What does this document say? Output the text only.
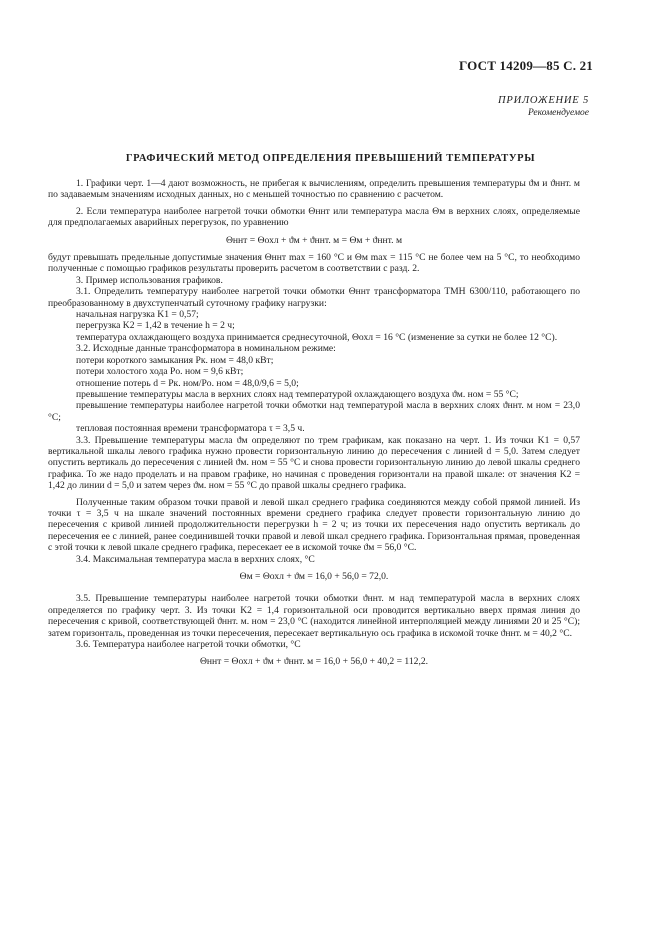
ГОСТ 14209—85 С. 21
ПРИЛОЖЕНИЕ 5
Рекомендуемое
ГРАФИЧЕСКИЙ МЕТОД ОПРЕДЕЛЕНИЯ ПРЕВЫШЕНИЙ ТЕМПЕРАТУРЫ

1. Графики черт. 1—4 дают возможность, не прибегая к вычислениям, определить превышения температуры ϑм и ϑннт. м по задаваемым значениям исходных данных, но с меньшей точностью по сравнению с расчетом.

2. Если температура наиболее нагретой точки обмотки Θннт или температура масла Θм в верхних слоях, определяемые для предполагаемых аварийных перегрузок, по уравнению

Θннт = Θохл + ϑм + ϑннт. м = Θм + ϑннт. м

будут превышать предельные допустимые значения Θннт max = 160 °С и Θм max = 115 °С не более чем на 5 °С, то необходимо полученные с помощью графиков результаты проверить расчетом в соответствии с разд. 2.

3. Пример использования графиков.

3.1. Определить температуру наиболее нагретой точки обмотки Θннт трансформатора ТМН 6300/110, работающего по преобразованному в двухступенчатый суточному графику нагрузки:

начальная нагрузка K1 = 0,57;

перегрузка K2 = 1,42 в течение h = 2 ч;

температура охлаждающего воздуха принимается среднесуточной, Θохл = 16 °С (изменение за сутки не более 12 °С).

3.2. Исходные данные трансформатора в номинальном режиме:

потери короткого замыкания Pк. ном = 48,0 кВт;

потери холостого хода Pо. ном = 9,6 кВт;

отношение потерь d = Pк. ном/Pо. ном = 48,0/9,6 = 5,0;

превышение температуры масла в верхних слоях над температурой охлаждающего воздуха ϑм. ном = 55 °С;

превышение температуры наиболее нагретой точки обмотки над температурой масла в верхних слоях ϑннт. м ном = 23,0 °С;

тепловая постоянная времени трансформатора τ = 3,5 ч.

3.3. Превышение температуры масла ϑм определяют по трем графикам, как показано на черт. 1. Из точки K1 = 0,57 вертикальной шкалы левого графика нужно провести горизонтальную линию до пересечения с линией d = 5,0. Затем следует опустить вертикаль до пересечения с линией ϑм. ном = 55 °С и снова провести горизонтальную линию до левой шкалы среднего графика. То же надо проделать и на правом графике, но начиная с проведения горизонтали на правой шкале: от значения K2 = 1,42 до линии d = 5,0 и затем через ϑм. ном = 55 °С до правой шкалы среднего графика.

Полученные таким образом точки правой и левой шкал среднего графика соединяются между собой прямой линией. Из точки τ = 3,5 ч на шкале значений постоянных времени среднего графика следует провести горизонтальную линию до пересечения с кривой линией продолжительности перегрузки h = 2 ч; из точки их пересечения надо опустить вертикаль до пересечения ее с линией, ранее соединившей точки правой и левой шкал среднего графика. Горизонтальная прямая, проведенная с этой точки к левой шкале среднего графика, пересекает ее в искомой точке ϑм = 56,0 °С.

3.4. Максимальная температура масла в верхних слоях, °С

Θм = Θохл + ϑм = 16,0 + 56,0 = 72,0.

3.5. Превышение температуры наиболее нагретой точки обмотки ϑннт. м над температурой масла в верхних слоях определяется по графику черт. 3. Из точки K2 = 1,4 горизонтальной оси проводится вертикально вверх прямая линия до пересечения с кривой, соответствующей ϑннт. м. ном = 23,0 °С (находится линейной интерполяцией между линиями 20 и 25 °С); затем горизонталь, проведенная из точки пересечения, пересекает вертикальную ось графика в искомой точке ϑннт. м = 40,2 °С.

3.6. Температура наиболее нагретой точки обмотки, °С

Θннт = Θохл + ϑм + ϑннт. м = 16,0 + 56,0 + 40,2 = 112,2.
